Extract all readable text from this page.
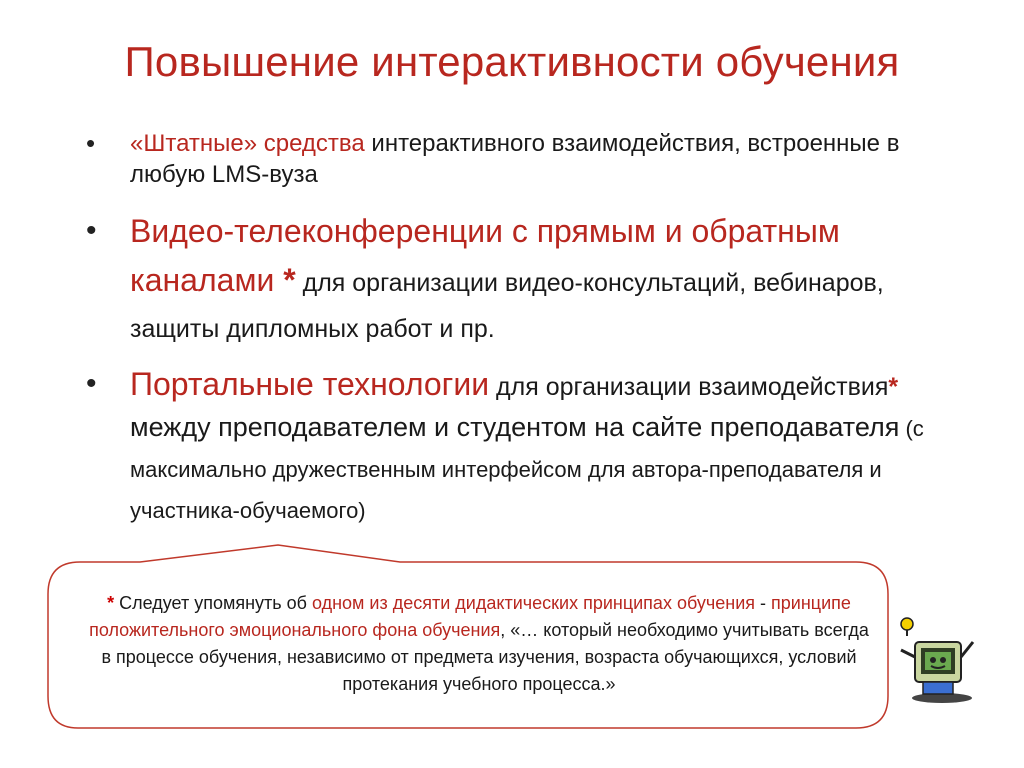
Повышение интерактивности обучения
• «Штатные» средства интерактивного взаимодействия, встроенные в любую LMS-вуза
• Видео-телеконференции с прямым и обратным каналами * для организации видео-консультаций, вебинаров, защиты дипломных работ и пр.
• Портальные технологии для организации взаимодействия* между преподавателем и студентом на сайте преподавателя (с максимально дружественным интерфейсом для автора-преподавателя и участника-обучаемого)
* Следует упомянуть об одном из десяти дидактических принципах обучения - принципе положительного эмоционального фона обучения, «… который необходимо учитывать всегда в процессе обучения, независимо от предмета изучения, возраста обучающихся, условий протекания учебного процесса.»
